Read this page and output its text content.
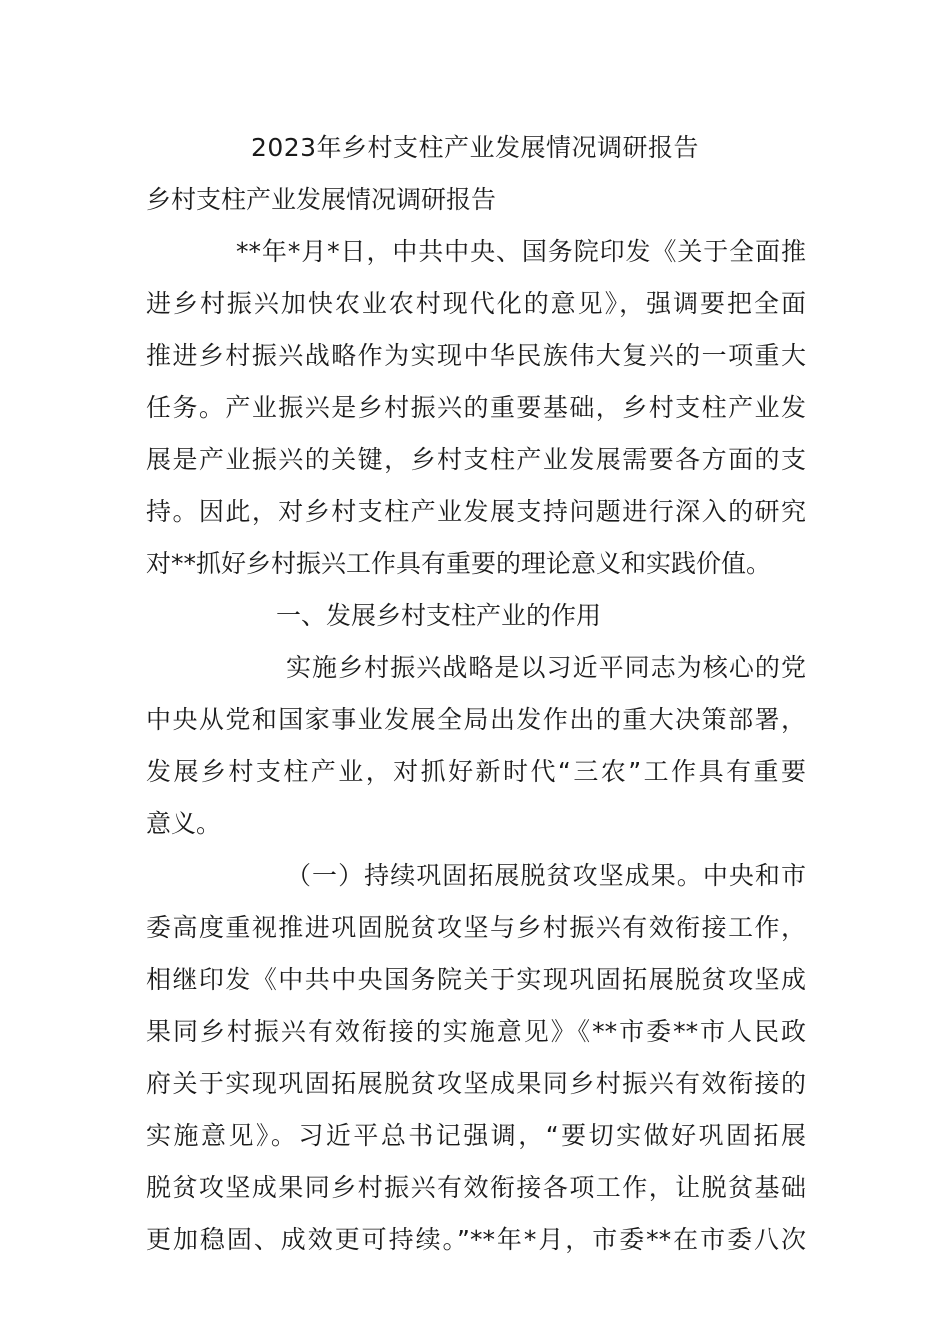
2023年乡村支柱产业发展情况调研报告
乡村支柱产业发展情况调研报告

**年*月*日，中共中央、国务院印发《关于全面推

进乡村振兴加快农业农村现代化的意见》，强调要把全面

推进乡村振兴战略作为实现中华民族伟大复兴的一项重大

任务。产业振兴是乡村振兴的重要基础，乡村支柱产业发

展是产业振兴的关键，乡村支柱产业发展需要各方面的支

持。因此，对乡村支柱产业发展支持问题进行深入的研究

对**抓好乡村振兴工作具有重要的理论意义和实践价值。

一、发展乡村支柱产业的作用

实施乡村振兴战略是以习近平同志为核心的党

中央从党和国家事业发展全局出发作出的重大决策部署，

发展乡村支柱产业，对抓好新时代“三农”工作具有重要

意义。

（一）持续巩固拓展脱贫攻坚成果。中央和市

委高度重视推进巩固脱贫攻坚与乡村振兴有效衔接工作，

相继印发《中共中央国务院关于实现巩固拓展脱贫攻坚成

果同乡村振兴有效衔接的实施意见》《**市委**市人民政

府关于实现巩固拓展脱贫攻坚成果同乡村振兴有效衔接的

实施意见》。习近平总书记强调，“要切实做好巩固拓展

脱贫攻坚成果同乡村振兴有效衔接各项工作，让脱贫基础

更加稳固、成效更可持续。”**年*月，市委**在市委八次
